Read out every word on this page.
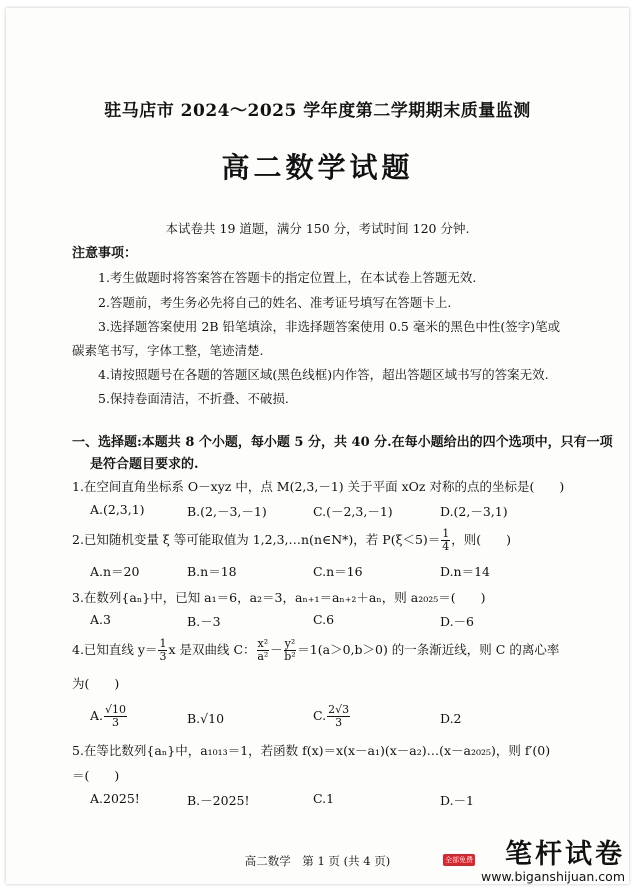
驻马店市 2024～2025 学年度第二学期期末质量监测
高二数学试题
本试卷共 19 道题，满分 150 分，考试时间 120 分钟.
注意事项：
1.考生做题时将答案答在答题卡的指定位置上，在本试卷上答题无效.
2.答题前，考生务必先将自己的姓名、准考证号填写在答题卡上.
3.选择题答案使用 2B 铅笔填涂，非选择题答案使用 0.5 毫米的黑色中性(签字)笔或
碳素笔书写，字体工整，笔迹清楚.
4.请按照题号在各题的答题区域(黑色线框)内作答，超出答题区域书写的答案无效.
5.保持卷面清洁，不折叠、不破损.
一、选择题:本题共 8 个小题，每小题 5 分，共 40 分.在每小题给出的四个选项中，只有一项
是符合题目要求的.
1.在空间直角坐标系 O－xyz 中，点 M(2,3,－1) 关于平面 xOz 对称的点的坐标是(　　)
A.(2,3,1)	B.(2,－3,－1)	C.(－2,3,－1)	D.(2,－3,1)
2.已知随机变量 ξ 等可能取值为 1,2,3,…n(n∈N*)，若 $P(\xi<5)= \frac{1}{4}$ ，则(　　)
A.n＝20	B.n＝18	C.n＝16	D.n＝14
3.在数列{aₙ}中，已知 a₁＝6，a₂＝3，aₙ₊₁＝aₙ₊₂＋aₙ，则 a₂₀₂₅＝(　　)
A.3	B.－3	C.6	D.－6
4.已知直线 $y= \frac{1}{3}$ x 是双曲线 C： $\frac{\text{x²}}{\text{a²}} - \frac{\text{y²}}{\text{b²}} =1(a>0,b>0)$ 的一条渐近线，则 C 的离心率
为(　　)
A. $\frac{√10}{3}$	B.√10	C. $\frac{2√3}{3}$	D.2
5.在等比数列{aₙ}中，a₁₀₁₃＝1，若函数 f(x)＝x(x－a₁)(x－a₂)…(x－a₂₀₂₅)，则 f′(0)
＝(　　)
A.2025!	B.－2025!	C.1	D.－1
高二数学　第 1 页 (共 4 页)	全部免费	笔杆试卷
www.biganshijuan.com
